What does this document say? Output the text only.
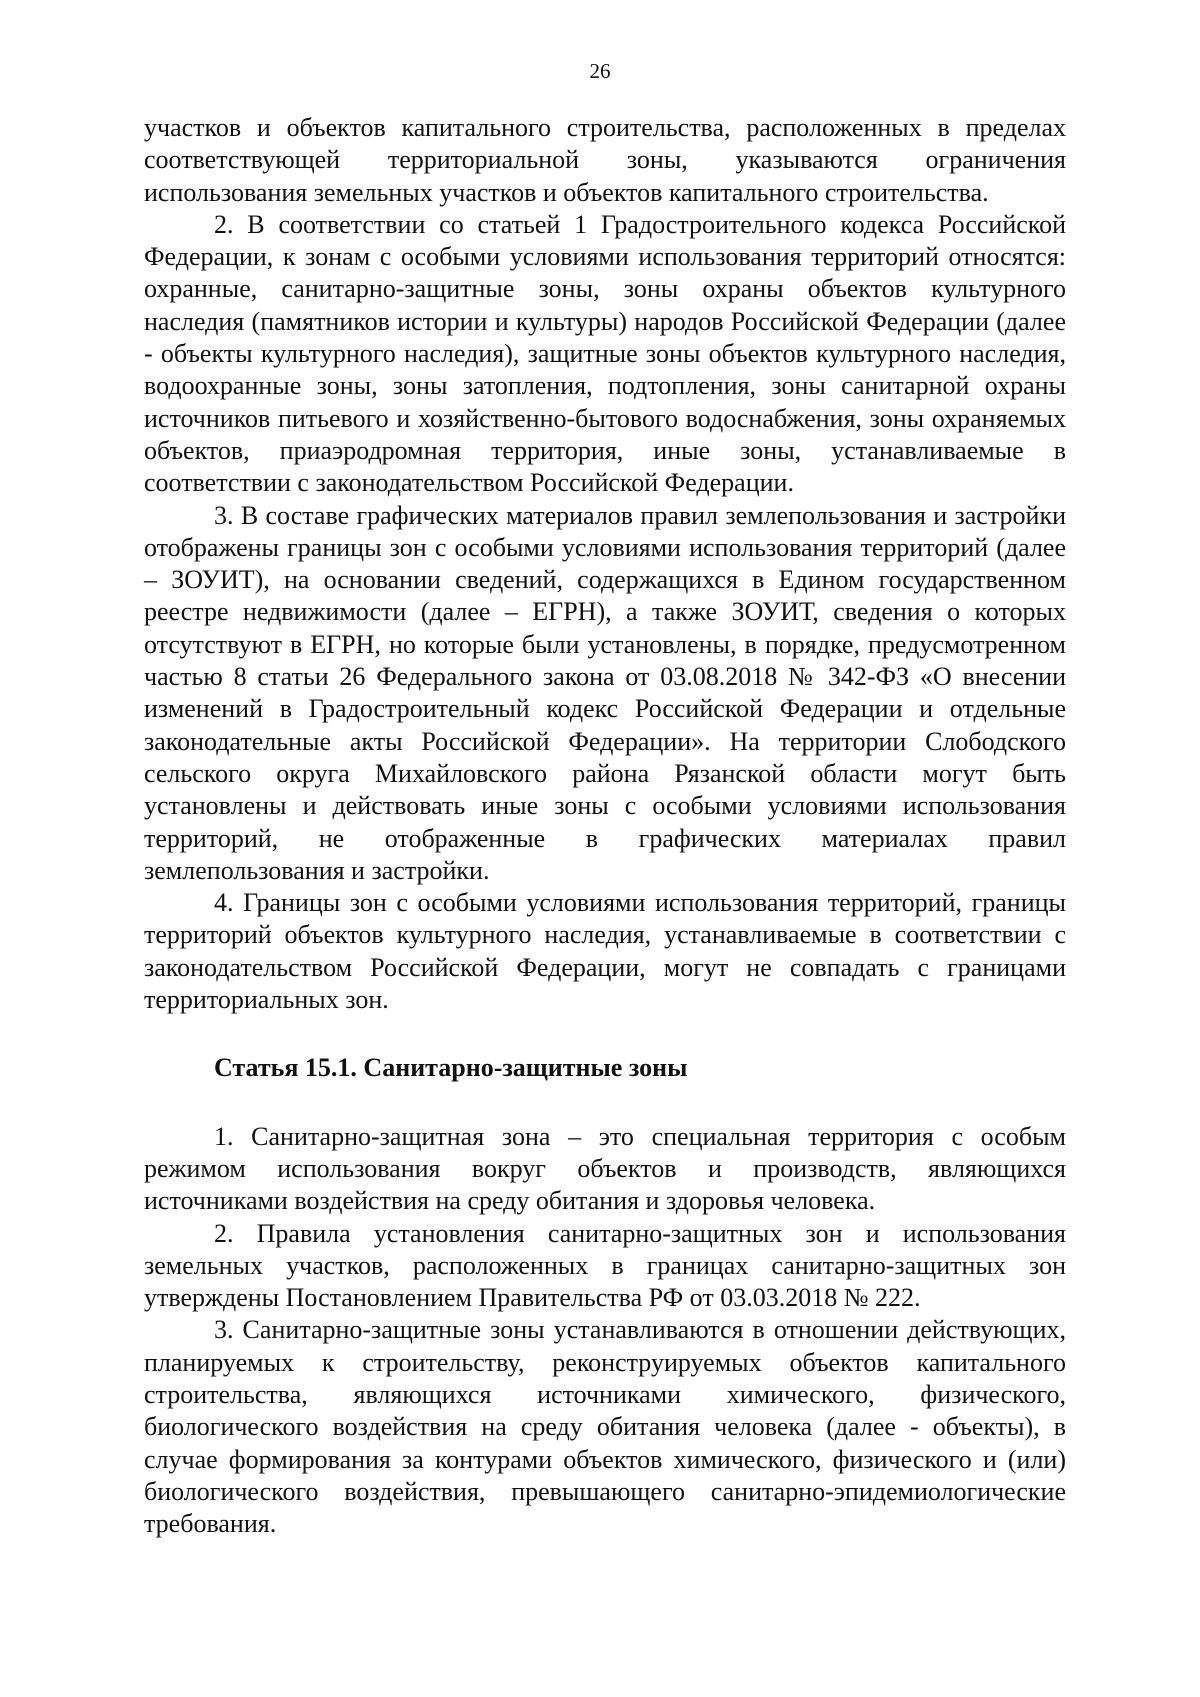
26

участков и объектов капитального строительства, расположенных в пределах соответствующей территориальной зоны, указываются ограничения использования земельных участков и объектов капитального строительства.

2. В соответствии со статьей 1 Градостроительного кодекса Российской Федерации, к зонам с особыми условиями использования территорий относятся: охранные, санитарно-защитные зоны, зоны охраны объектов культурного наследия (памятников истории и культуры) народов Российской Федерации (далее - объекты культурного наследия), защитные зоны объектов культурного наследия, водоохранные зоны, зоны затопления, подтопления, зоны санитарной охраны источников питьевого и хозяйственно-бытового водоснабжения, зоны охраняемых объектов, приаэродромная территория, иные зоны, устанавливаемые в соответствии с законодательством Российской Федерации.

3. В составе графических материалов правил землепользования и застройки отображены границы зон с особыми условиями использования территорий (далее – ЗОУИТ), на основании сведений, содержащихся в Едином государственном реестре недвижимости (далее – ЕГРН), а также ЗОУИТ, сведения о которых отсутствуют в ЕГРН, но которые были установлены, в порядке, предусмотренном частью 8 статьи 26 Федерального закона от 03.08.2018 № 342-ФЗ «О внесении изменений в Градостроительный кодекс Российской Федерации и отдельные законодательные акты Российской Федерации». На территории Слободского сельского округа Михайловского района Рязанской области могут быть установлены и действовать иные зоны с особыми условиями использования территорий, не отображенные в графических материалах правил землепользования и застройки.

4. Границы зон с особыми условиями использования территорий, границы территорий объектов культурного наследия, устанавливаемые в соответствии с законодательством Российской Федерации, могут не совпадать с границами территориальных зон.

Статья 15.1. Санитарно-защитные зоны

1. Санитарно-защитная зона – это специальная территория с особым режимом использования вокруг объектов и производств, являющихся источниками воздействия на среду обитания и здоровья человека.

2. Правила установления санитарно-защитных зон и использования земельных участков, расположенных в границах санитарно-защитных зон утверждены Постановлением Правительства РФ от 03.03.2018 № 222.

3. Санитарно-защитные зоны устанавливаются в отношении действующих, планируемых к строительству, реконструируемых объектов капитального строительства, являющихся источниками химического, физического, биологического воздействия на среду обитания человека (далее - объекты), в случае формирования за контурами объектов химического, физического и (или) биологического воздействия, превышающего санитарно-эпидемиологические требования.
